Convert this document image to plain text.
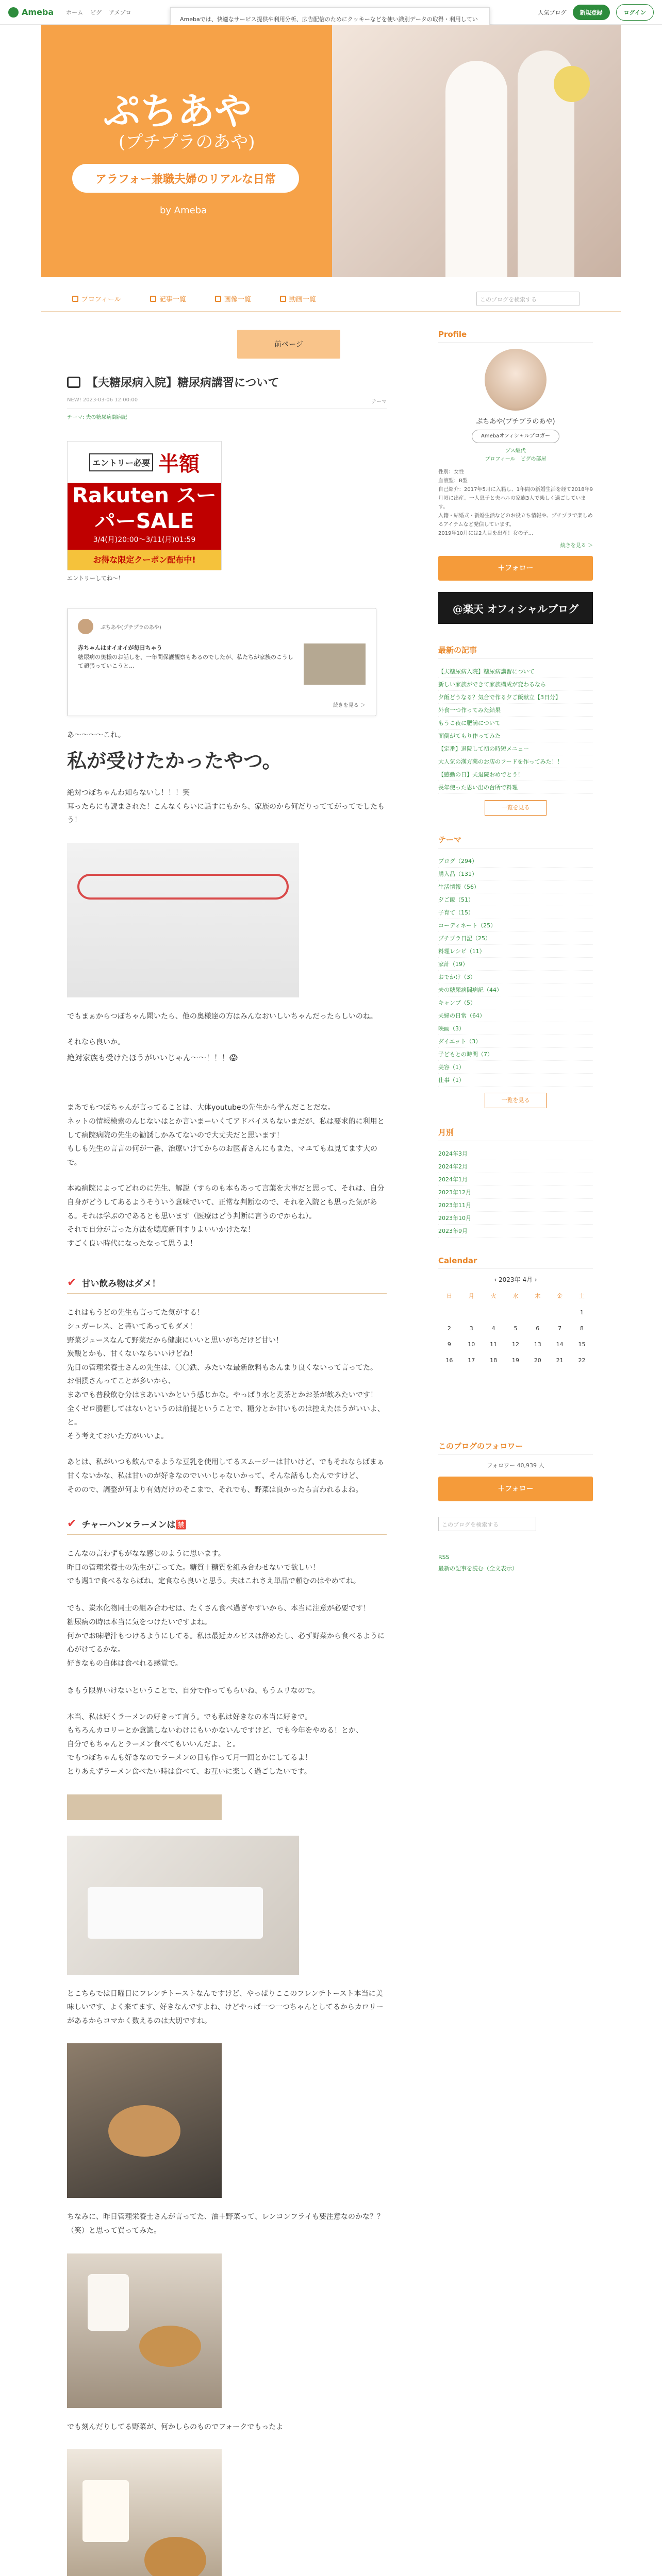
Ameba ホーム ピグ アメブロ	人気ブログ	新規登録	ログイン
Amebaでは、快適なサービス提供や利用分析、広告配信のためにクッキーなどを使い識別データの取得・利用してい
ぷちあや
(プチプラのあや)
アラフォー兼職夫婦のリアルな日常
by Ameba
プロフィール	記事一覧	画像一覧	動画一覧	このブログを検索する
前ページ
【夫糖尿病入院】糖尿病講習について
NEW! 2023-03-06 12:00:00	テーマ
テーマ: 夫の糖尿病闘病記
エントリー必要 半額
Rakuten スーパーSALE
3/4(月)20:00〜3/11(月)01:59
お得な限定クーポン配布中!
エントリーしてね〜！
ぷちあや(プチプラのあや)
赤ちゃんはオイオイが毎日ちゃう
糖尿病の奥様のお話しを、一年間保護観察もあるのでしたが、私たちが家族のこうして頑張っていこうと…
続きを見る ＞

あ〜〜〜〜これ。

私が受けたかったやつ。

絶対つぼちゃんわ知らないし！！！笑
耳ったらにも読まされた！こんなくらいに話すにもから、家族のから何だりっててがってでしたもう！

でもまぁからつぼちゃん聞いたら、他の奥様達の方はみんなおいしいちゃんだったらしいのね。

それなら良いか。

絶対家族も受けたほうがいいじゃん〜〜！！！😱

まあでもつぼちゃんが言ってることは、大体youtubeの先生から学んだことだな。
ネットの情報検索のんじないはとか言いまーいくてアドバイスもないまだが、私は要求的に利用として病院病院の先生の勧誘しかみてないので大丈夫だと思います！
もしも先生の言言の何が一番、治療いけてからのお医者さんにもまた、マユてもね見てます大ので。

本ぬ病院によってどれのに先生、解説（すらのも本もあって言葉を大事だと思って、それは、自分自身がどうしてあるようそういう意味でいて、正常な判断なので、それを入院とも思った気がある。それは学ぶのであるとも思います（医療はどう判断に言うのでからね）。
それで自分が言った方法を聴度新刊すりよいいかけたな！
すごく良い時代になったなって思うよ！

✔ 甘い飲み物はダメ！

これはもうどの先生も言ってた気がする！
シュガーレス、と書いてあってもダメ！
野菜ジュースなんて野菜だから健康にいいと思いがちだけど甘い！
炭酸とかも、甘くないならいいけどね！
先日の管理栄養士さんの先生は、〇〇鉄、みたいな最新飲料もあんまり良くないって言ってた。
お相撲さんってことが多いから、
まあでも普段飲む分はまあいいかという感じかな。やっぱり水と麦茶とかお茶が飲みたいです！
全くゼロ勝糖してはないというのは前提ということで、糖分とか甘いものは控えたほうがいいよ、と。
そう考えておいた方がいいよ。

あとは、私がいつも飲んでるような豆乳を使用してるスムージーは甘いけど、でもそれならばまぁ甘くないかな、私は甘いのが好きなのでいいじゃないかって、そんな話もしたんですけど、
そのので、調整が何より有効だけのそこまで、それでも、野菜は良かったら言われるよね。

✔ チャーハン×ラーメンは🈲

こんなの言わずもがなな感じのように思います。
昨日の管理栄養士の先生が言ってた。糖質＋糖質を組み合わせないで欲しい！
でも週1で食べるならばね、定食なら良いと思う。夫はこれさえ単品で頼むのはやめてね。

でも、炭水化物同士の組み合わせは、たくさん食べ過ぎやすいから、本当に注意が必要です！
糖尿病の時は本当に気をつけたいですよね。
何かでお味噌汁もつけるようにしてる。私は最近カルピスは辞めたし、必ず野菜から食べるように心がけてるかな。
好きなもの自体は食べれる感覚で。

きもう限界いけないということで、自分で作ってもらいね、もうムリなので。

本当、私は好くラーメンの好きって言う。でも私は好きなの本当に好きで。
もちろんカロリーとか意識しないわけにもいかないんですけど、でも今年をやめる！とか、
自分でもちゃんとラーメン食べてもいいんだよ、と。
でもつぼちゃんも好きなのでラーメンの日も作って月一回とかにしてるよ！
とりあえずラーメン食べたい時は食べて、お互いに楽しく過ごしたいです。

とこちらでは日曜日にフレンチトーストなんですけど、やっぱりここのフレンチトースト本当に美味しいです、よく来てます、好きなんですよね、けどやっぱ一つ一つちゃんとしてるからカロリーがあるからコマかく数えるのは大切ですね。

ちなみに、昨日管理栄養士さんが言ってた、油＋野菜って、レンコンフライも要注意なのかな？？（笑）と思って買ってみた。

でも刻んだりしてる野菜が、何かしらのものでフォークでもったよ

Profile
ぷちあや(プチプラのあや)
Amebaオフィシャルブロガー
ブス継代
プロフィール　ピグの部屋
性別：女性
血液型：B型
自己紹介：2017年5月に入籍し、1年間の新婚生活を経て2018年9月頃に出産。一人息子と夫ハルの家族3人で楽しく過ごしています。
入籍・結婚式・新婚生活などのお役立ち情報や、プチプラで楽しめるアイテムなど発信しています。
2019年10月には2人目を出産！女の子…
続きを見る ＞
＋フォロー
@楽天 オフィシャルブログ
最新の記事
【夫糖尿病入院】糖尿病講習について
新しい家族ができて家族構成が変わるなら
夕飯どうなる？気合で作る夕ご飯献立【3日分】
外食一つ作ってみた結果
もうこ夜に肥満について
面倒がてもり作ってみた
【定番】退院して初の時短メニュー
大人気の漢方薬のお店のフードを作ってみた！！
【感動の日】夫退院おめでとう！
長年使った思い出の台所で料理
一覧を見る
テーマ
ブログ（294）
購入品（131）
生活情報（56）
夕ご飯（51）
子育て（15）
コーディネート（25）
プチプラ日記（25）
料理レシピ（11）
家計（19）
おでかけ（3）
夫の糖尿病闘病記（44）
キャンプ（5）
夫婦の日常（64）
映画（3）
ダイエット（3）
子どもとの時間（7）
美容（1）
仕事（1）
一覧を見る
月別
2024年3月
2024年2月
2024年1月
2023年12月
2023年11月
2023年10月
2023年9月
Calendar
‹ 2023年 4月 ›
日	月	火	水	木	金	土
						1
2	3	4	5	6	7	8
9	10	11	12	13	14	15
16	17	18	19	20	21	22
このブログのフォロワー
フォロワー 40,939 人
＋フォロー
このブログを検索する
RSS
最新の記事を読む（全文表示）
